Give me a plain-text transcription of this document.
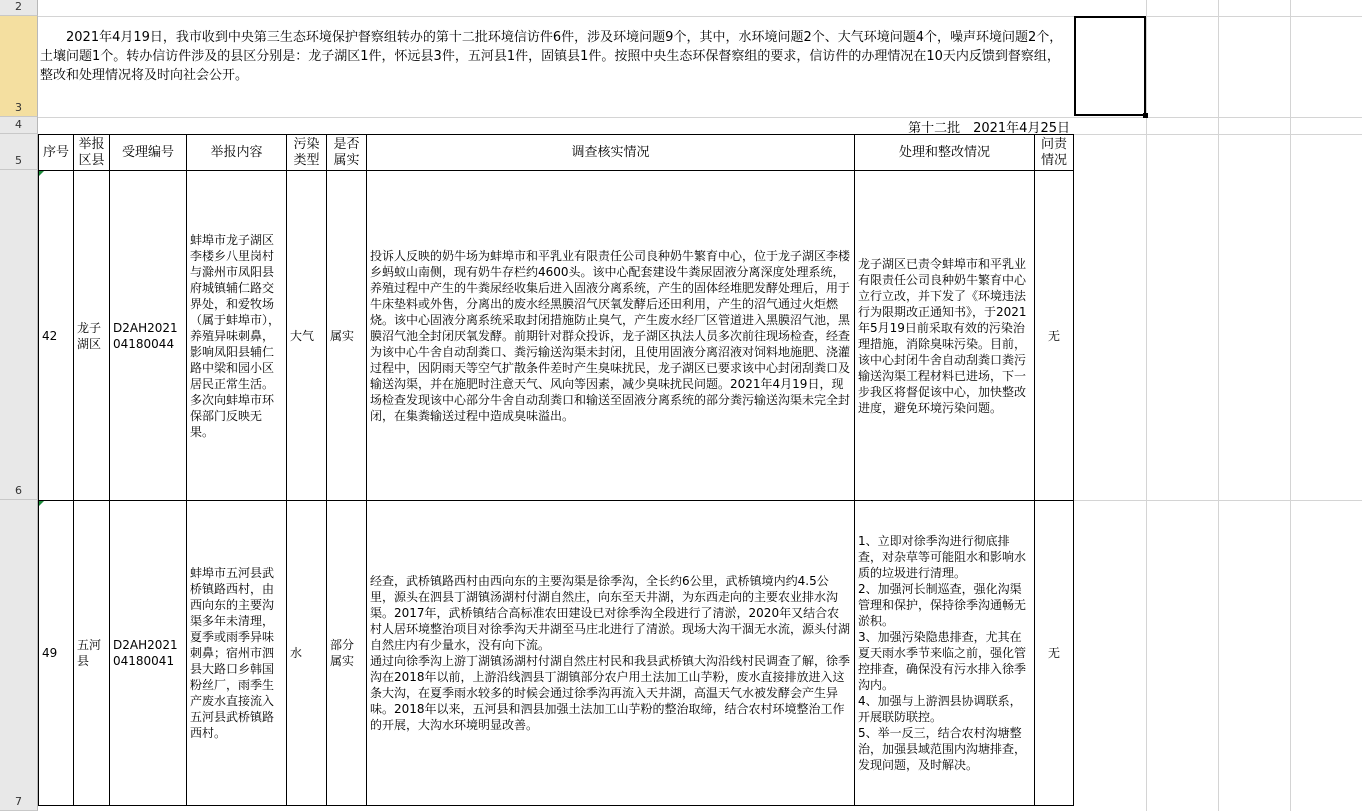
2
3
4
5
6
7
2021年4月19日，我市收到中央第三生态环境保护督察组转办的第十二批环境信访件6件，涉及环境问题9个，其中，水环境问题2个、大气环境问题4个，噪声环境问题2个，土壤问题1个。转办信访件涉及的县区分别是：龙子湖区1件，怀远县3件，五河县1件，固镇县1件。按照中央生态环保督察组的要求，信访件的办理情况在10天内反馈到督察组，整改和处理情况将及时向社会公开。
第十二批　2021年4月25日
序号
举报区县
受理编号	举报内容
污染类型
是否属实
调查核实情况	处理和整改情况
问责情况
42
龙子湖区
D2AH202104180044
蚌埠市龙子湖区李楼乡八里岗村与滁州市凤阳县府城镇辅仁路交界处，和爱牧场（属于蚌埠市），养殖异味刺鼻，影响凤阳县辅仁路中梁和园小区居民正常生活。多次向蚌埠市环保部门反映无果。
大气 属实
投诉人反映的奶牛场为蚌埠市和平乳业有限责任公司良种奶牛繁育中心，位于龙子湖区李楼乡蚂蚁山南侧，现有奶牛存栏约4600头。该中心配套建设牛粪尿固液分离深度处理系统，养殖过程中产生的牛粪尿经收集后进入固液分离系统，产生的固体经堆肥发酵处理后，用于牛床垫料或外售，分离出的废水经黑膜沼气厌氧发酵后还田利用，产生的沼气通过火炬燃烧。该中心固液分离系统采取封闭措施防止臭气，产生废水经厂区管道进入黑膜沼气池，黑膜沼气池全封闭厌氧发酵。前期针对群众投诉，龙子湖区执法人员多次前往现场检查，经查为该中心牛舍自动刮粪口、粪污输送沟渠未封闭，且使用固液分离沼液对饲料地施肥、浇灌过程中，因阴雨天等空气扩散条件差时产生臭味扰民，龙子湖区已要求该中心封闭刮粪口及输送沟渠，并在施肥时注意天气、风向等因素，减少臭味扰民问题。2021年4月19日，现场检查发现该中心部分牛舍自动刮粪口和输送至固液分离系统的部分粪污输送沟渠未完全封闭，在集粪输送过程中造成臭味溢出。
龙子湖区已责令蚌埠市和平乳业有限责任公司良种奶牛繁育中心立行立改，并下发了《环境违法行为限期改正通知书》，于2021年5月19日前采取有效的污染治理措施，消除臭味污染。目前，该中心封闭牛舍自动刮粪口粪污输送沟渠工程材料已进场，下一步我区将督促该中心，加快整改进度，避免环境污染问题。
无
49
五河县
D2AH202104180041
蚌埠市五河县武桥镇路西村，由西向东的主要沟渠多年未清理，夏季或雨季异味刺鼻；宿州市泗县大路口乡韩国粉丝厂，雨季生产废水直接流入五河县武桥镇路西村。
水
部分属实
经查，武桥镇路西村由西向东的主要沟渠是徐季沟，全长约6公里，武桥镇境内约4.5公里，源头在泗县丁湖镇汤湖村付湖自然庄，向东至天井湖，为东西走向的主要农业排水沟渠。2017年，武桥镇结合高标准农田建设已对徐季沟全段进行了清淤，2020年又结合农村人居环境整治项目对徐季沟天井湖至马庄北进行了清淤。现场大沟干涸无水流，源头付湖自然庄内有少量水，没有向下流。
通过向徐季沟上游丁湖镇汤湖村付湖自然庄村民和我县武桥镇大沟沿线村民调查了解，徐季沟在2018年以前，上游沿线泗县丁湖镇部分农户用土法加工山芋粉，废水直接排放进入这条大沟，在夏季雨水较多的时候会通过徐季沟再流入天井湖，高温天气水被发酵会产生异味。2018年以来，五河县和泗县加强土法加工山芋粉的整治取缔，结合农村环境整治工作的开展，大沟水环境明显改善。
1、立即对徐季沟进行彻底排查，对杂草等可能阻水和影响水质的垃圾进行清理。
2、加强河长制巡查，强化沟渠管理和保护，保持徐季沟通畅无淤积。
3、加强污染隐患排查，尤其在夏天雨水季节来临之前，强化管控排查，确保没有污水排入徐季沟内。
4、加强与上游泗县协调联系，开展联防联控。
5、举一反三，结合农村沟塘整治，加强县域范围内沟塘排查，发现问题，及时解决。
无
